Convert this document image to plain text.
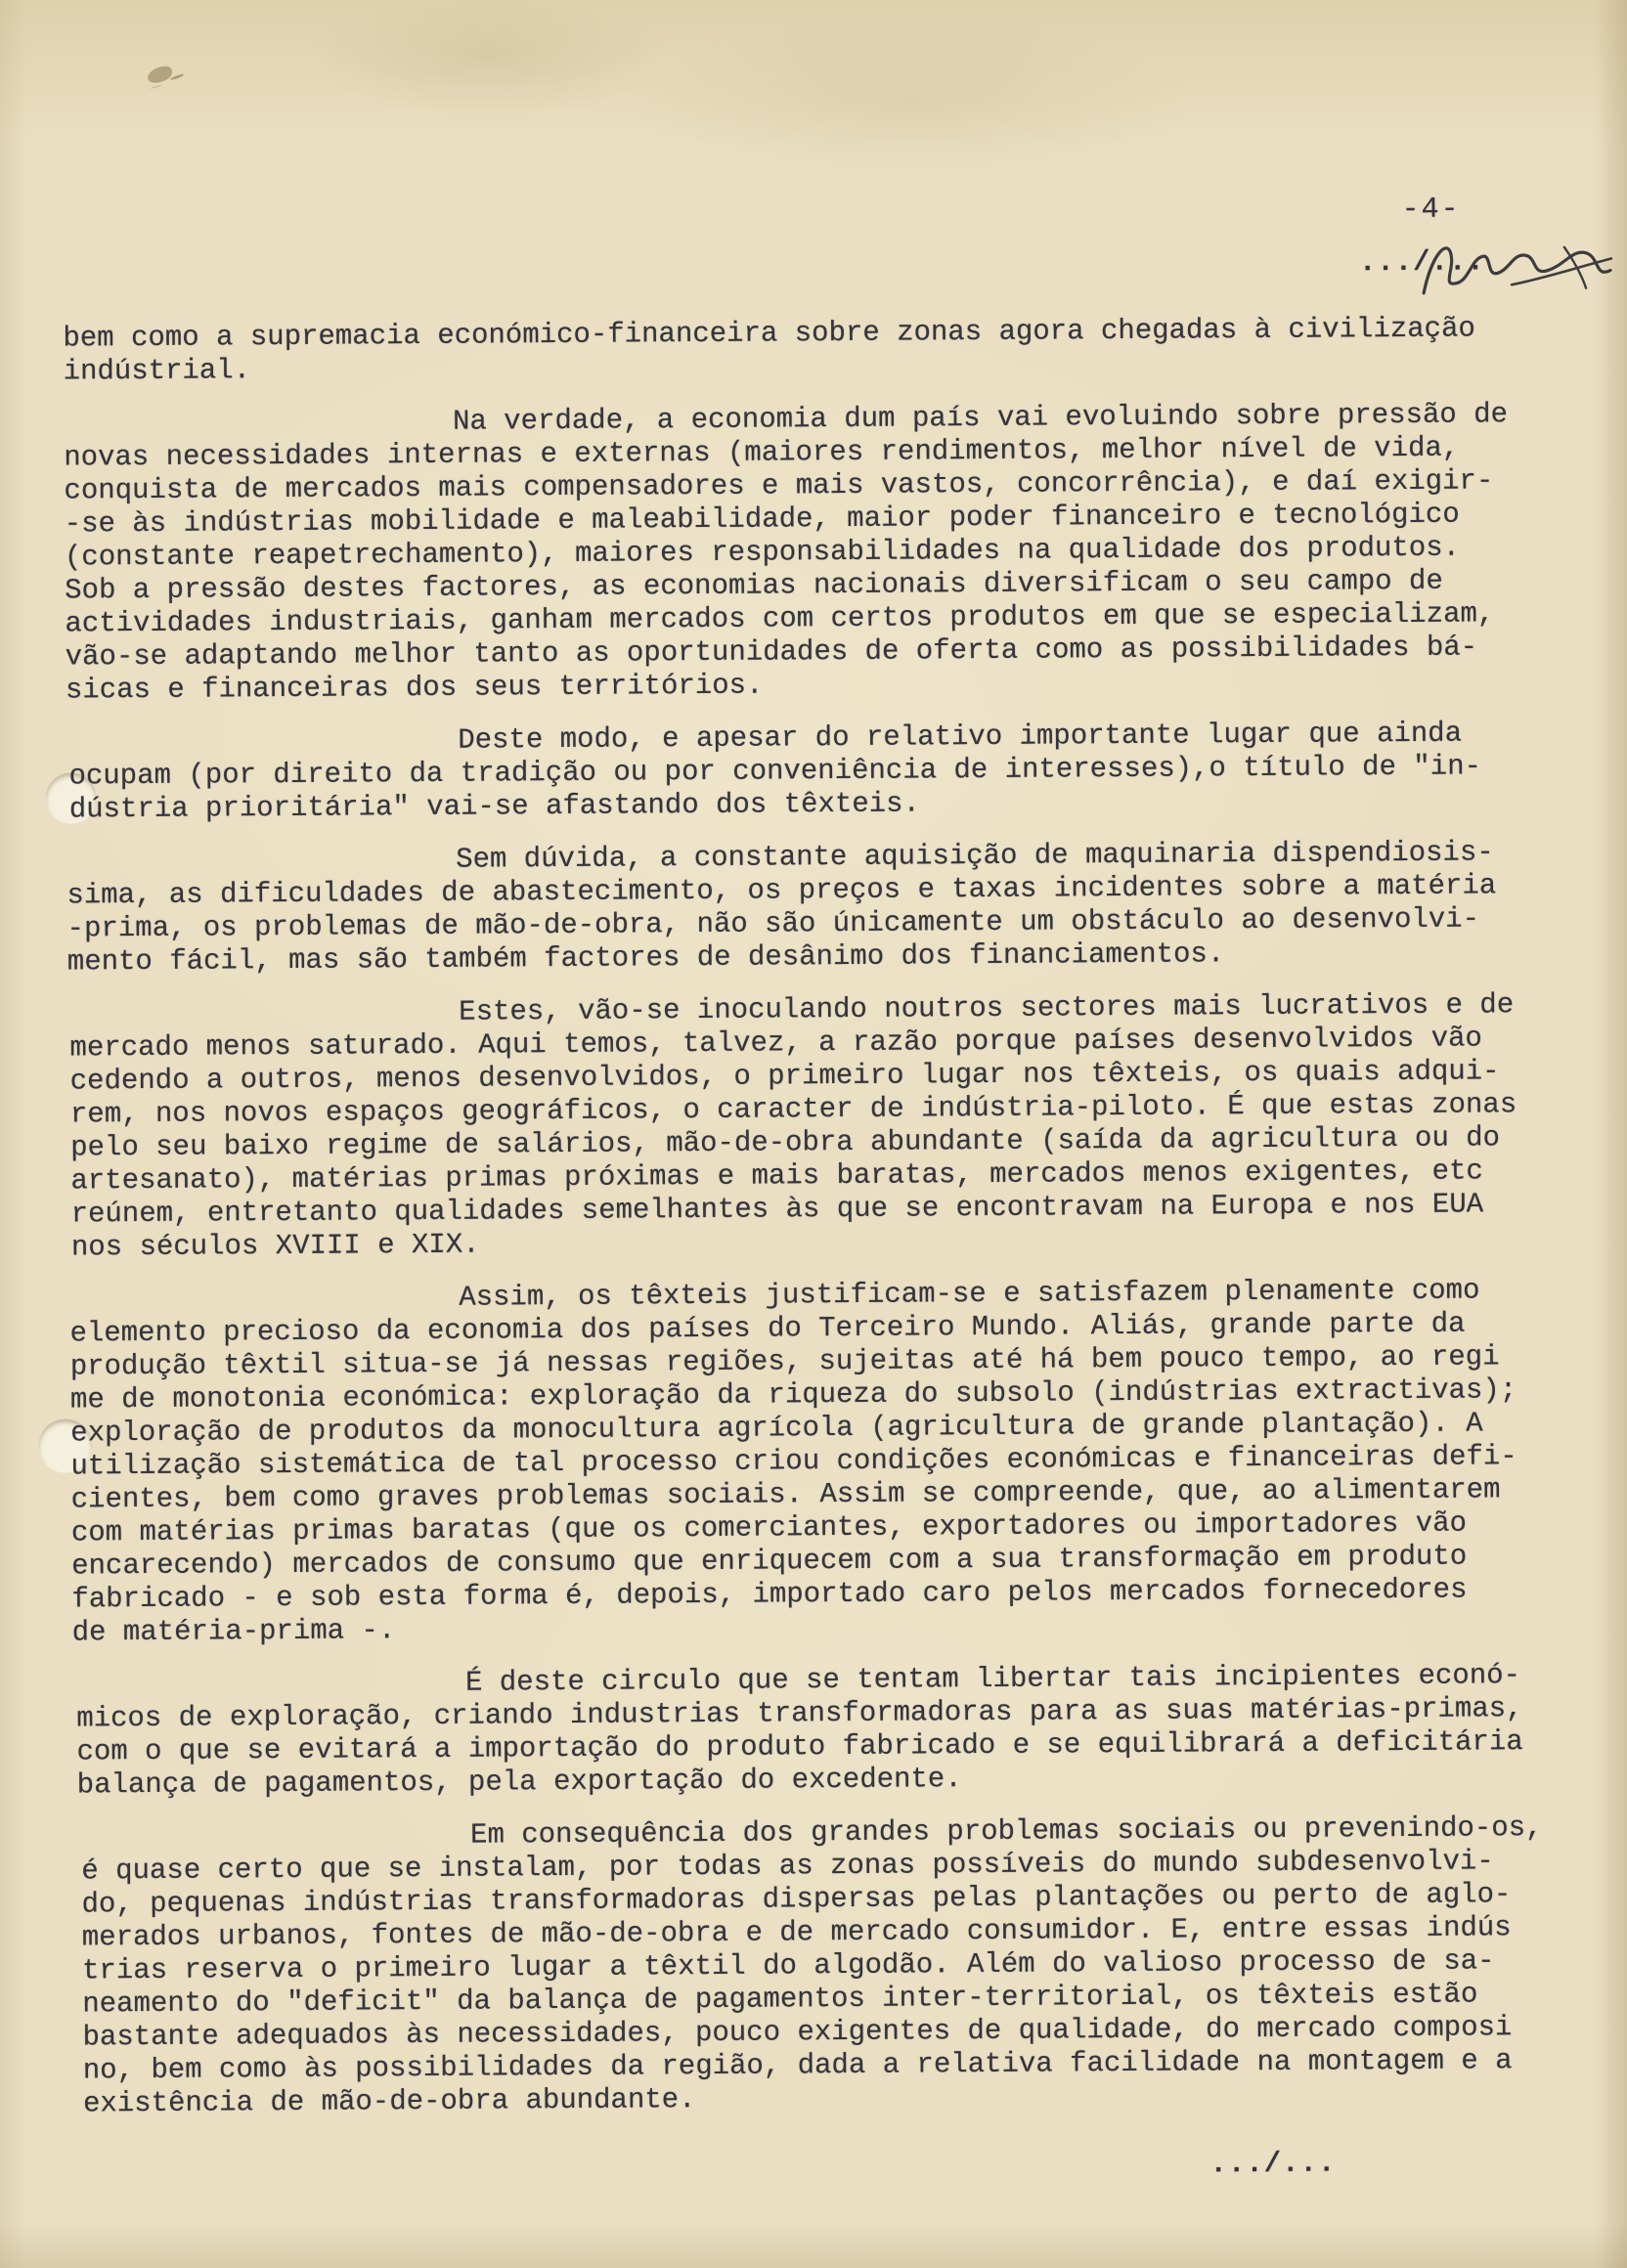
-4-
.../...

bem como a supremacia económico-financeira sobre zonas agora chegadas à civilização
indústrial.

Na verdade, a economia dum país vai evoluindo sobre pressão de
novas necessidades internas e externas (maiores rendimentos, melhor nível de vida,
conquista de mercados mais compensadores e mais vastos, concorrência), e daí exigir-
-se às indústrias mobilidade e maleabilidade, maior poder financeiro e tecnológico
(constante reapetrechamento), maiores responsabilidades na qualidade dos produtos.
Sob a pressão destes factores, as economias nacionais diversificam o seu campo de
actividades industriais, ganham mercados com certos produtos em que se especializam,
vão-se adaptando melhor tanto as oportunidades de oferta como as possibilidades bá-
sicas e financeiras dos seus territórios.

Deste modo, e apesar do relativo importante lugar que ainda
ocupam (por direito da tradição ou por conveniência de interesses),o título de "in-
dústria prioritária" vai-se afastando dos têxteis.

Sem dúvida, a constante aquisição de maquinaria dispendiosis-
sima, as dificuldades de abastecimento, os preços e taxas incidentes sobre a matéria
-prima, os problemas de mão-de-obra, não são únicamente um obstáculo ao desenvolvi-
mento fácil, mas são também factores de desânimo dos financiamentos.

Estes, vão-se inoculando noutros sectores mais lucrativos e de
mercado menos saturado. Aqui temos, talvez, a razão porque países desenvolvidos vão
cedendo a outros, menos desenvolvidos, o primeiro lugar nos têxteis, os quais adqui-
rem, nos novos espaços geográficos, o caracter de indústria-piloto. É que estas zonas
pelo seu baixo regime de salários, mão-de-obra abundante (saída da agricultura ou do
artesanato), matérias primas próximas e mais baratas, mercados menos exigentes, etc
reúnem, entretanto qualidades semelhantes às que se encontravam na Europa e nos EUA
nos séculos XVIII e XIX.

Assim, os têxteis justificam-se e satisfazem plenamente como
elemento precioso da economia dos países do Terceiro Mundo. Aliás, grande parte da
produção têxtil situa-se já nessas regiões, sujeitas até há bem pouco tempo, ao regi
me de monotonia económica: exploração da riqueza do subsolo (indústrias extractivas);
exploração de produtos da monocultura agrícola (agricultura de grande plantação). A
utilização sistemática de tal processo criou condições económicas e financeiras defi-
cientes, bem como graves problemas sociais. Assim se compreende, que, ao alimentarem
com matérias primas baratas (que os comerciantes, exportadores ou importadores vão
encarecendo) mercados de consumo que enriquecem com a sua transformação em produto
fabricado - e sob esta forma é, depois, importado caro pelos mercados fornecedores
de matéria-prima -.

É deste circulo que se tentam libertar tais incipientes econó-
micos de exploração, criando industrias transformadoras para as suas matérias-primas,
com o que se evitará a importação do produto fabricado e se equilibrará a deficitária
balança de pagamentos, pela exportação do excedente.

Em consequência dos grandes problemas sociais ou prevenindo-os,
é quase certo que se instalam, por todas as zonas possíveis do mundo subdesenvolvi-
do, pequenas indústrias transformadoras dispersas pelas plantações ou perto de aglo-
merados urbanos, fontes de mão-de-obra e de mercado consumidor. E, entre essas indús
trias reserva o primeiro lugar a têxtil do algodão. Além do valioso processo de sa-
neamento do "deficit" da balança de pagamentos inter-territorial, os têxteis estão
bastante adequados às necessidades, pouco exigentes de qualidade, do mercado composi
no, bem como às possibilidades da região, dada a relativa facilidade na montagem e a
existência de mão-de-obra abundante.

.../...
